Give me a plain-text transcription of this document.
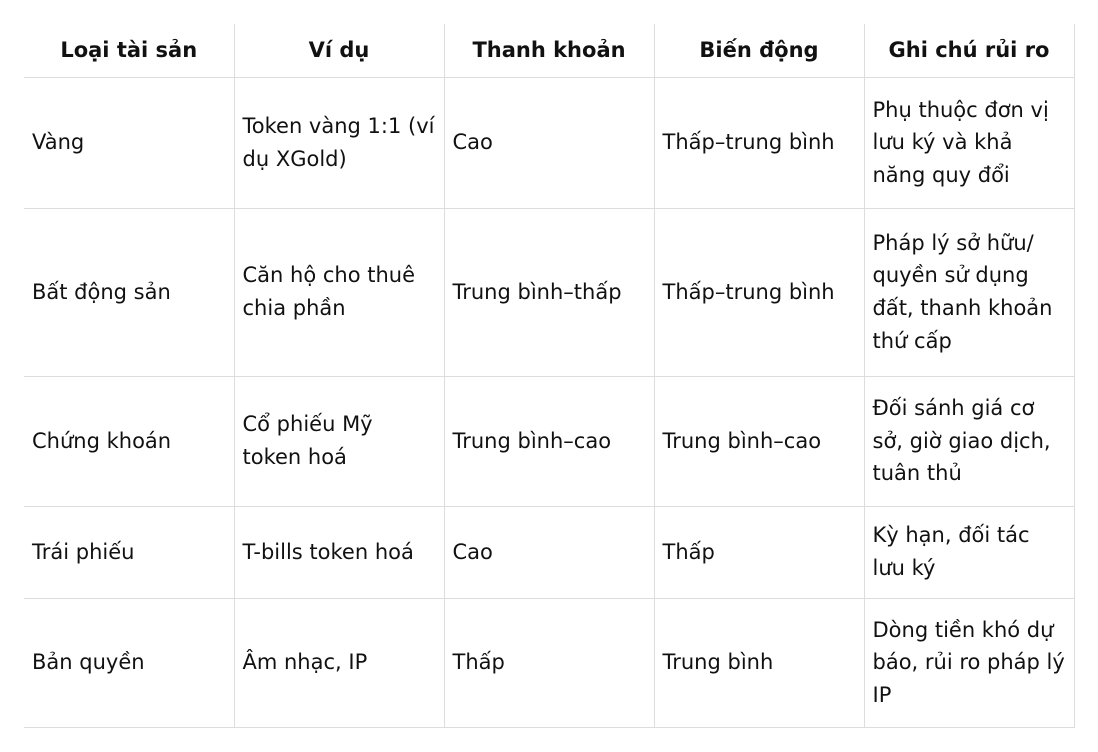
Loại tài sản	Ví dụ	Thanh khoản	Biến động	Ghi chú rủi ro
Vàng	Token vàng 1:1 (ví dụ XGold)	Cao	Thấp–trung bình	Phụ thuộc đơn vị lưu ký và khả năng quy đổi
Bất động sản	Căn hộ cho thuê chia phần	Trung bình–thấp	Thấp–trung bình	Pháp lý sở hữu/ quyền sử dụng đất, thanh khoản thứ cấp
Chứng khoán	Cổ phiếu Mỹ token hoá	Trung bình–cao	Trung bình–cao	Đối sánh giá cơ sở, giờ giao dịch, tuân thủ
Trái phiếu	T-bills token hoá	Cao	Thấp	Kỳ hạn, đối tác lưu ký
Bản quyền	Âm nhạc, IP	Thấp	Trung bình	Dòng tiền khó dự báo, rủi ro pháp lý IP
